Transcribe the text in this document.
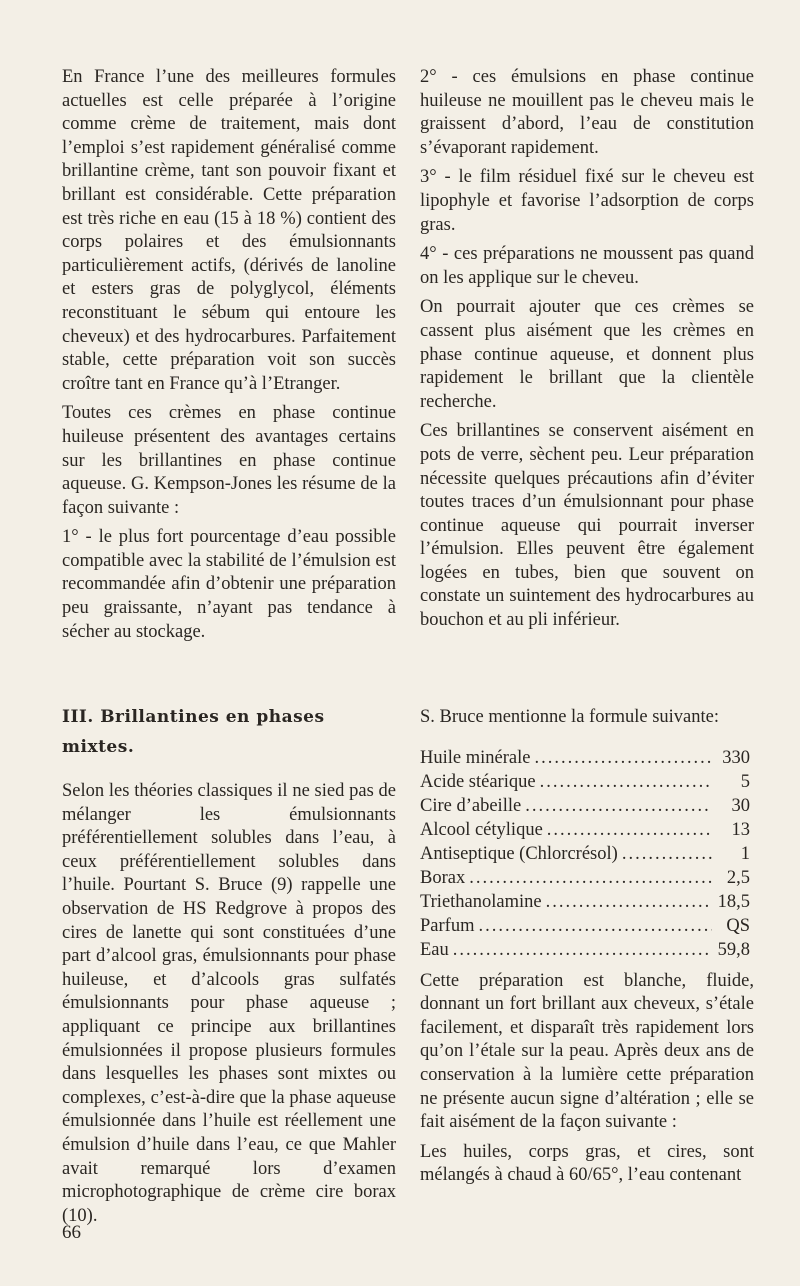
En France l’une des meilleures formules actuelles est celle préparée à l’origine comme crème de traitement, mais dont l’emploi s’est rapidement généralisé comme brillantine crème, tant son pouvoir fixant et brillant est considérable. Cette préparation est très riche en eau (15 à 18 %) contient des corps polaires et des émulsionnants particulièrement actifs, (dérivés de lanoline et esters gras de polyglycol, éléments reconstituant le sébum qui entoure les cheveux) et des hydrocarbures. Parfaitement stable, cette préparation voit son succès croître tant en France qu’à l’Etranger.

Toutes ces crèmes en phase continue huileuse présentent des avantages certains sur les brillantines en phase continue aqueuse. G. Kempson-Jones les résume de la façon suivante :

1° - le plus fort pourcentage d’eau possible compatible avec la stabilité de l’émulsion est recommandée afin d’obtenir une préparation peu graissante, n’ayant pas tendance à sécher au stockage.

2° - ces émulsions en phase continue huileuse ne mouillent pas le cheveu mais le graissent d’abord, l’eau de constitution s’évaporant rapidement.

3° - le film résiduel fixé sur le cheveu est lipophyle et favorise l’adsorption de corps gras.

4° - ces préparations ne moussent pas quand on les applique sur le cheveu.

On pourrait ajouter que ces crèmes se cassent plus aisément que les crèmes en phase continue aqueuse, et donnent plus rapidement le brillant que la clientèle recherche.

Ces brillantines se conservent aisément en pots de verre, sèchent peu. Leur préparation nécessite quelques précautions afin d’éviter toutes traces d’un émulsionnant pour phase continue aqueuse qui pourrait inverser l’émulsion. Elles peuvent être également logées en tubes, bien que souvent on constate un suintement des hydrocarbures au bouchon et au pli inférieur.

III. Brillantines en phases mixtes.

Selon les théories classiques il ne sied pas de mélanger les émulsionnants préférentiellement solubles dans l’eau, à ceux préférentiellement solubles dans l’huile. Pourtant S. Bruce (9) rappelle une observation de HS Redgrove à propos des cires de lanette qui sont constituées d’une part d’alcool gras, émulsionnants pour phase huileuse, et d’alcools gras sulfatés émulsionnants pour phase aqueuse ; appliquant ce principe aux brillantines émulsionnées il propose plusieurs formules dans lesquelles les phases sont mixtes ou complexes, c’est-à-dire que la phase aqueuse émulsionnée dans l’huile est réellement une émulsion d’huile dans l’eau, ce que Mahler avait remarqué lors d’examen microphotographique de crème cire borax (10).

S. Bruce mentionne la formule suivante:

Huile minérale .....	330
Acide stéarique .....	5
Cire d’abeille .....	30
Alcool cétylique .....	13
Antiseptique (Chlorcrésol) .....	1
Borax .....	2,5
Triethanolamine .....	18,5
Parfum .....	QS
Eau .....	59,8

Cette préparation est blanche, fluide, donnant un fort brillant aux cheveux, s’étale facilement, et disparaît très rapidement lors qu’on l’étale sur la peau. Après deux ans de conservation à la lumière cette préparation ne présente aucun signe d’altération ; elle se fait aisément de la façon suivante :

Les huiles, corps gras, et cires, sont mélangés à chaud à 60/65°, l’eau contenant

66
